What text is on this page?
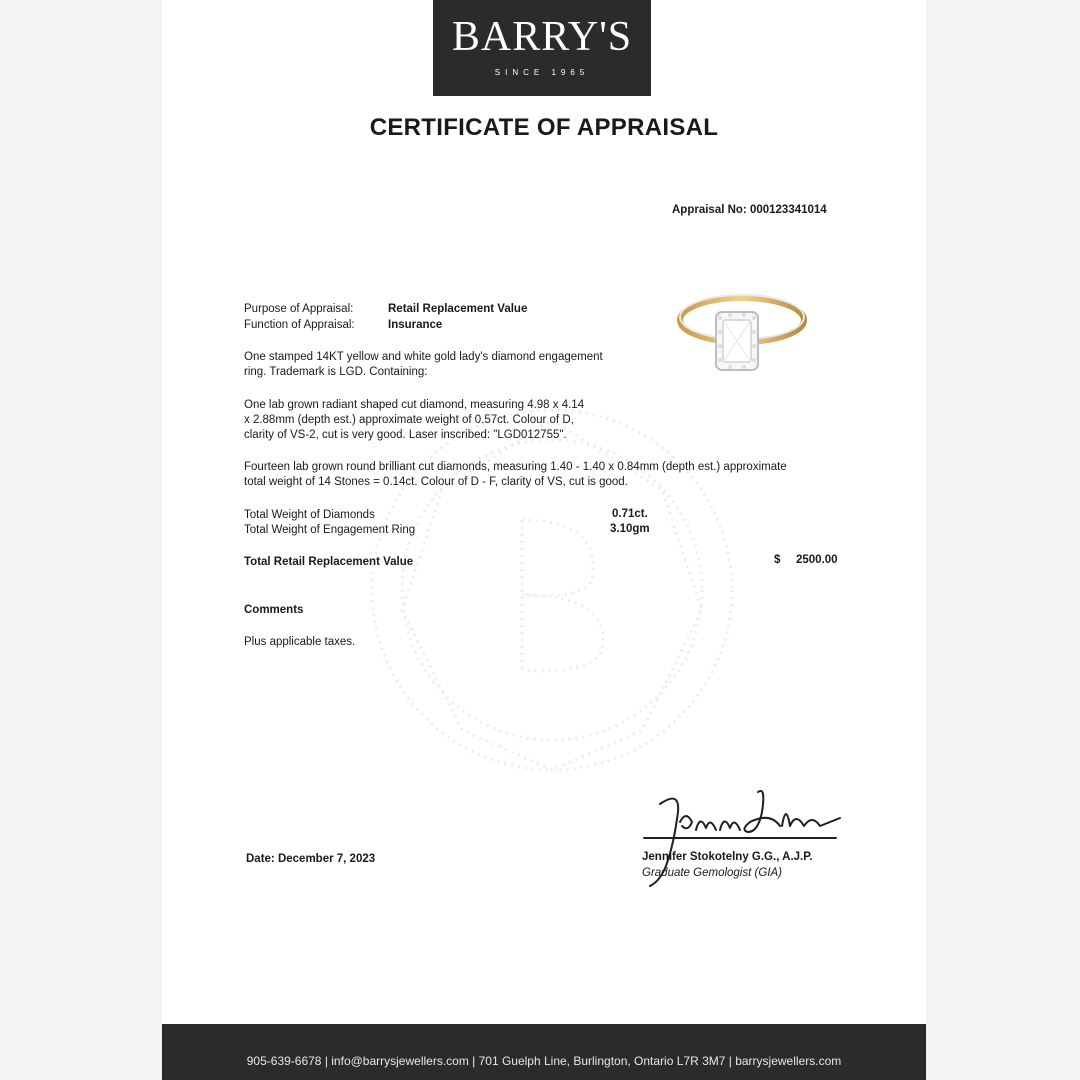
BARRY'S
SINCE 1965
CERTIFICATE OF APPRAISAL
Appraisal No: 000123341014
Purpose of Appraisal:	Retail Replacement Value
Function of Appraisal:	Insurance
One stamped 14KT yellow and white gold lady's diamond engagement
ring. Trademark is LGD. Containing:
One lab grown radiant shaped cut diamond, measuring 4.98 x 4.14
x 2.88mm (depth est.) approximate weight of 0.57ct. Colour of D,
clarity of VS-2, cut is very good. Laser inscribed: "LGD012755".
Fourteen lab grown round brilliant cut diamonds, measuring 1.40 - 1.40 x 0.84mm (depth est.) approximate
total weight of 14 Stones = 0.14ct. Colour of D - F, clarity of VS, cut is good.
Total Weight of Diamonds	0.71ct.
Total Weight of Engagement Ring	3.10gm
Total Retail Replacement Value	$ 2500.00
Comments
Plus applicable taxes.
Date: December 7, 2023	Jennifer Stokotelny G.G., A.J.P.
Graduate Gemologist (GIA)
905-639-6678 | info@barrysjewellers.com | 701 Guelph Line, Burlington, Ontario L7R 3M7 | barrysjewellers.com
